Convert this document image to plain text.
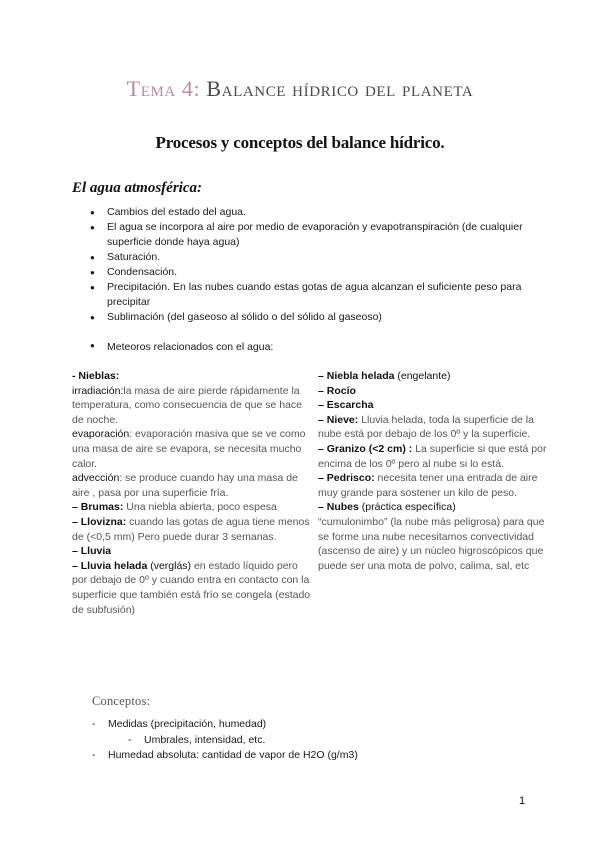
Tema 4: Balance hídrico del planeta
Procesos y conceptos del balance hídrico.
El agua atmosférica:
● Cambios del estado del agua.
● El agua se incorpora al aire por medio de evaporación y evapotranspiración (de cualquier superficie donde haya agua)
● Saturación.
● Condensación.
● Precipitación. En las nubes cuando estas gotas de agua alcanzan el suficiente peso para precipitar
● Sublimación (del gaseoso al sólido o del sólido al gaseoso)
● Meteoros relacionados con el agua:
- Nieblas:
irradiación:la masa de aire pierde rápidamente la temperatura, como consecuencia de que se hace de noche.
evaporación: evaporación masiva que se ve como una masa de aire se evapora, se necesita mucho calor.
advección: se produce cuando hay una masa de aire , pasa por una superficie fría.
– Brumas: Una niebla abierta, poco espesa
– Llovizna: cuando las gotas de agua tiene menos de (<0,5 mm) Pero puede durar 3 semanas.
– Lluvia
– Lluvia helada (verglás) en estado líquido pero por debajo de 0º y cuando entra en contacto con la superficie que también está frío se congela (estado de subfusión)
– Niebla helada (engelante)
– Rocío
– Escarcha
– Nieve: Lluvia helada, toda la superficie de la nube está por debajo de los 0º y la superficie.
– Granizo (<2 cm) : La superficie si que está por encima de los 0º pero al nube si lo está.
– Pedrisco: necesita tener una entrada de aire muy grande para sostener un kilo de peso.
– Nubes (práctica específica)
“cumulonimbo” (la nube más peligrosa) para que se forme una nube necesitamos convectividad (ascenso de aire) y un núcleo higroscópicos que puede ser una mota de polvo, calima, sal, etc
Conceptos:
- Medidas (precipitación, humedad)
- Umbrales, intensidad, etc.
- Humedad absoluta: cantidad de vapor de H2O (g/m3)
1
